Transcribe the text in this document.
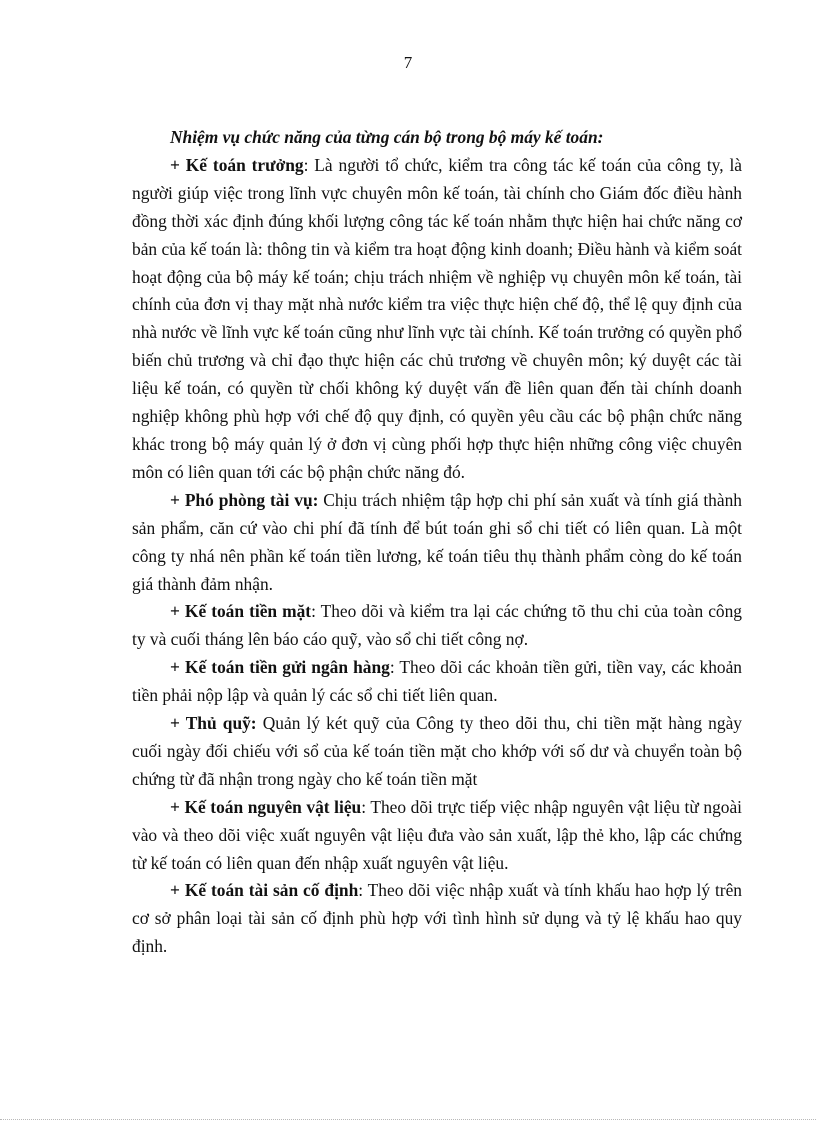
7

Nhiệm vụ chức năng của từng cán bộ trong bộ máy kế toán:

+ Kế toán trưởng: Là người tổ chức, kiểm tra công tác kế toán của công ty, là người giúp việc trong lĩnh vực chuyên môn kế toán, tài chính cho Giám đốc điều hành đồng thời xác định đúng khối lượng công tác kế toán nhằm thực hiện hai chức năng cơ bản của kế toán là: thông tin và kiểm tra hoạt động kinh doanh; Điều hành và kiểm soát hoạt động của bộ máy kế toán; chịu trách nhiệm về nghiệp vụ chuyên môn kế toán, tài chính của đơn vị thay mặt nhà nước kiểm tra việc thực hiện chế độ, thể lệ quy định của nhà nước về lĩnh vực kế toán cũng như lĩnh vực tài chính. Kế toán trưởng có quyền phổ biến chủ trương và chỉ đạo thực hiện các chủ trương về chuyên môn; ký duyệt các tài liệu kế toán, có quyền từ chối không ký duyệt vấn đề liên quan đến tài chính doanh nghiệp không phù hợp với chế độ quy định, có quyền yêu cầu các bộ phận chức năng khác trong bộ máy quản lý ở đơn vị cùng phối hợp thực hiện những công việc chuyên môn có liên quan tới các bộ phận chức năng đó.

+ Phó phòng tài vụ: Chịu trách nhiệm tập hợp chi phí sản xuất và tính giá thành sản phẩm, căn cứ vào chi phí đã tính để bút toán ghi sổ chi tiết có liên quan. Là một công ty nhá nên phần kế toán tiền lương, kế toán tiêu thụ thành phẩm còng do kế toán giá thành đảm nhận.

+ Kế toán tiền mặt: Theo dõi và kiểm tra lại các chứng tõ thu chi của toàn công ty và cuối tháng lên báo cáo quỹ, vào sổ chi tiết công nợ.

+ Kế toán tiền gửi ngân hàng: Theo dõi các khoản tiền gửi, tiền vay, các khoản tiền phải nộp lập và quản lý các sổ chi tiết liên quan.

+ Thủ quỹ: Quản lý két quỹ của Công ty theo dõi thu, chi tiền mặt hàng ngày cuối ngày đối chiếu với sổ của kế toán tiền mặt cho khớp với số dư và chuyển toàn bộ chứng từ đã nhận trong ngày cho kế toán tiền mặt

+ Kế toán nguyên vật liệu: Theo dõi trực tiếp việc nhập nguyên vật liệu từ ngoài vào và theo dõi việc xuất nguyên vật liệu đưa vào sản xuất, lập thẻ kho, lập các chứng từ kế toán có liên quan đến nhập xuất nguyên vật liệu.

+ Kế toán tài sản cố định: Theo dõi việc nhập xuất và tính khấu hao hợp lý trên cơ sở phân loại tài sản cố định phù hợp với tình hình sử dụng và tỷ lệ khấu hao quy định.
